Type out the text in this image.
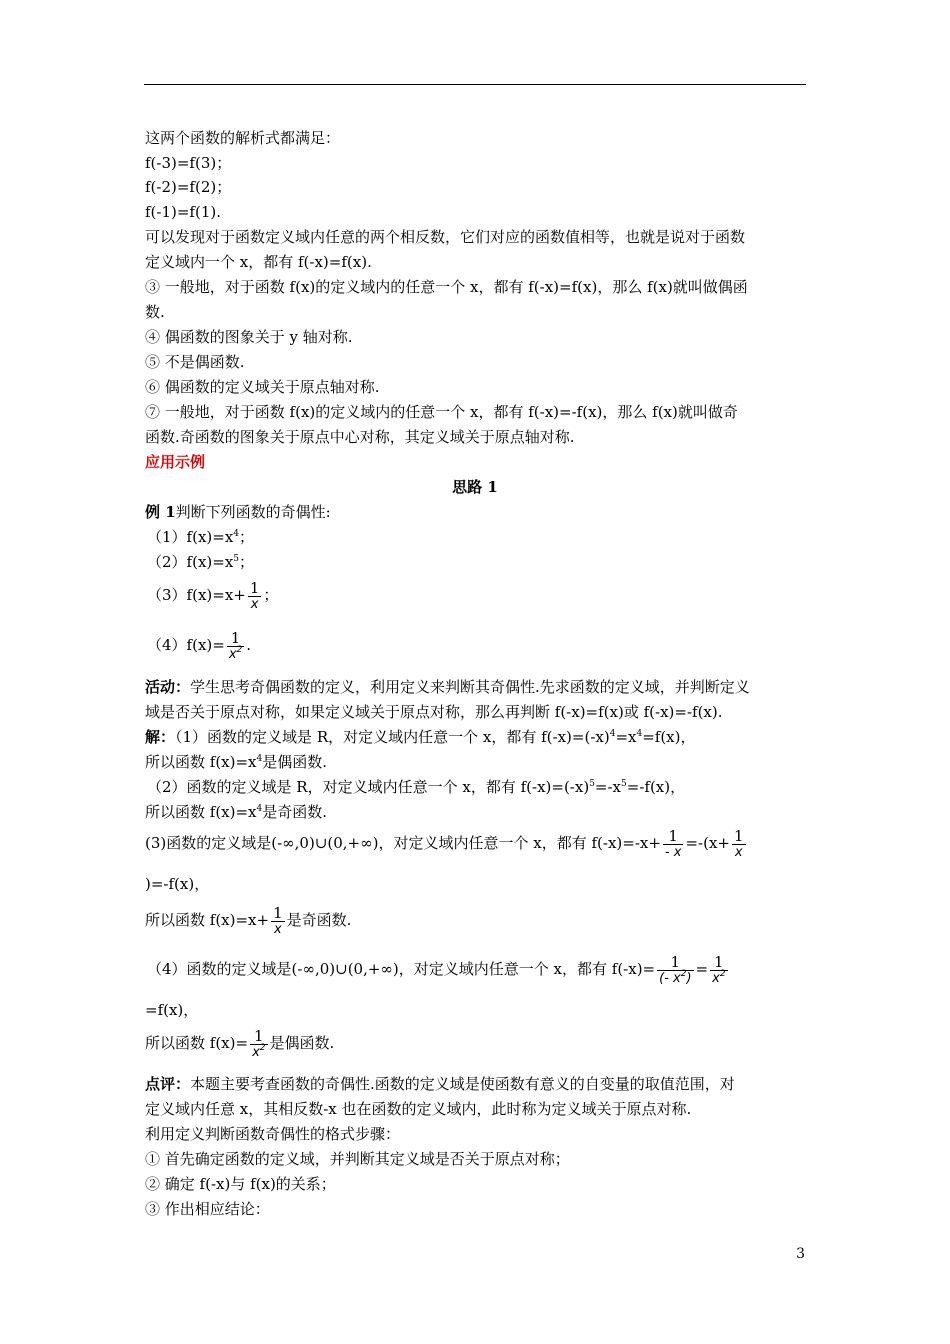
这两个函数的解析式都满足：
f(-3)=f(3)；
f(-2)=f(2)；
f(-1)=f(1).
可以发现对于函数定义域内任意的两个相反数，它们对应的函数值相等，也就是说对于函数
定义域内一个 x，都有 f(-x)=f(x).
③ 一般地，对于函数 f(x)的定义域内的任意一个 x，都有 f(-x)=f(x)，那么 f(x)就叫做偶函
数.
④ 偶函数的图象关于 y 轴对称.
⑤ 不是偶函数.
⑥ 偶函数的定义域关于原点轴对称.
⑦ 一般地，对于函数 f(x)的定义域内的任意一个 x，都有 f(-x)=-f(x)，那么 f(x)就叫做奇
函数.奇函数的图象关于原点中心对称，其定义域关于原点轴对称.
应用示例
思路 1
例 1判断下列函数的奇偶性:
$(1)f(x)=x^4$；
$(2)f(x)=x^5$；
$(3)f(x)=x+ \frac{1}{x}$ ；
$(4)f(x)= \frac{1}{x^2}$ .
活动：学生思考奇偶函数的定义，利用定义来判断其奇偶性.先求函数的定义域，并判断定义
域是否关于原点对称，如果定义域关于原点对称，那么再判断 f(-x)=f(x)或 f(-x)=-f(x).
解：（1）函数的定义域是 R，对定义域内任意一个 x，都有 $f(-x)=(-x)^4=x^4=f(x)$，
所以函数 $f(x)=x^4$是偶函数.
（2）函数的定义域是 R，对定义域内任意一个 x，都有 $f(-x)=(-x)^5=-x^5=-f(x)$，
所以函数 $f(x)=x^4$是奇函数.
(3)函数的定义域是(-∞,0)∪(0,+∞)，对定义域内任意一个 x，都有 $f(-x)=-x+ \frac{1}{- x} =-(x+ \frac{1}{x}$
)=-f(x)，
所以函数 $f(x)=x+ \frac{1}{x}$ 是奇函数.
（4）函数的定义域是(-∞,0)∪(0,+∞)，对定义域内任意一个 x，都有 $f(-x)= \frac{1}{(- x^2)} = \frac{1}{x^2}$
=f(x)，
所以函数 $f(x)= \frac{1}{x^2}$ 是偶函数.
点评：本题主要考查函数的奇偶性.函数的定义域是使函数有意义的自变量的取值范围，对
定义域内任意 x，其相反数-x 也在函数的定义域内，此时称为定义域关于原点对称.
利用定义判断函数奇偶性的格式步骤：
① 首先确定函数的定义域，并判断其定义域是否关于原点对称；
② 确定 f(-x)与 f(x)的关系；
③ 作出相应结论：
3
